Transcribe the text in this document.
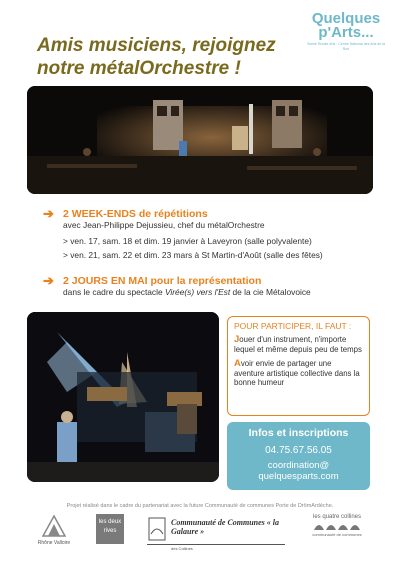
Quelques
p'Arts...
Scène Rurale Arts - Centre National des Arts de la Rue
Amis musiciens, rejoignez
notre métalOrchestre !
➔ 2 WEEK-ENDS de répétitions
avec Jean-Philippe Dejussieu, chef du métalOrchestre
> ven. 17, sam. 18 et dim. 19 janvier à Laveyron (salle polyvalente)
> ven. 21, sam. 22 et dim. 23 mars à St Martin-d'Août (salle des fêtes)
➔ 2 JOURS EN MAI pour la représentation
dans le cadre du spectacle Virée(s) vers l'Est de la cie Métalovoice
POUR PARTICIPER, IL FAUT :
Jouer d'un instrument, n'importe lequel et même depuis peu de temps
Avoir envie de partager une aventure artistique collective dans la bonne humeur
Infos et inscriptions
04.75.67.56.05
coordination@
quelquesparts.com
Projet réalisé dans le cadre du partenariat avec la future Communauté de communes Porte de DrômArdèche.
Rhône Valloire
les deux rives
Communauté de Communes « la Galaure »
des Collines
les quatre collines
communauté de communes
